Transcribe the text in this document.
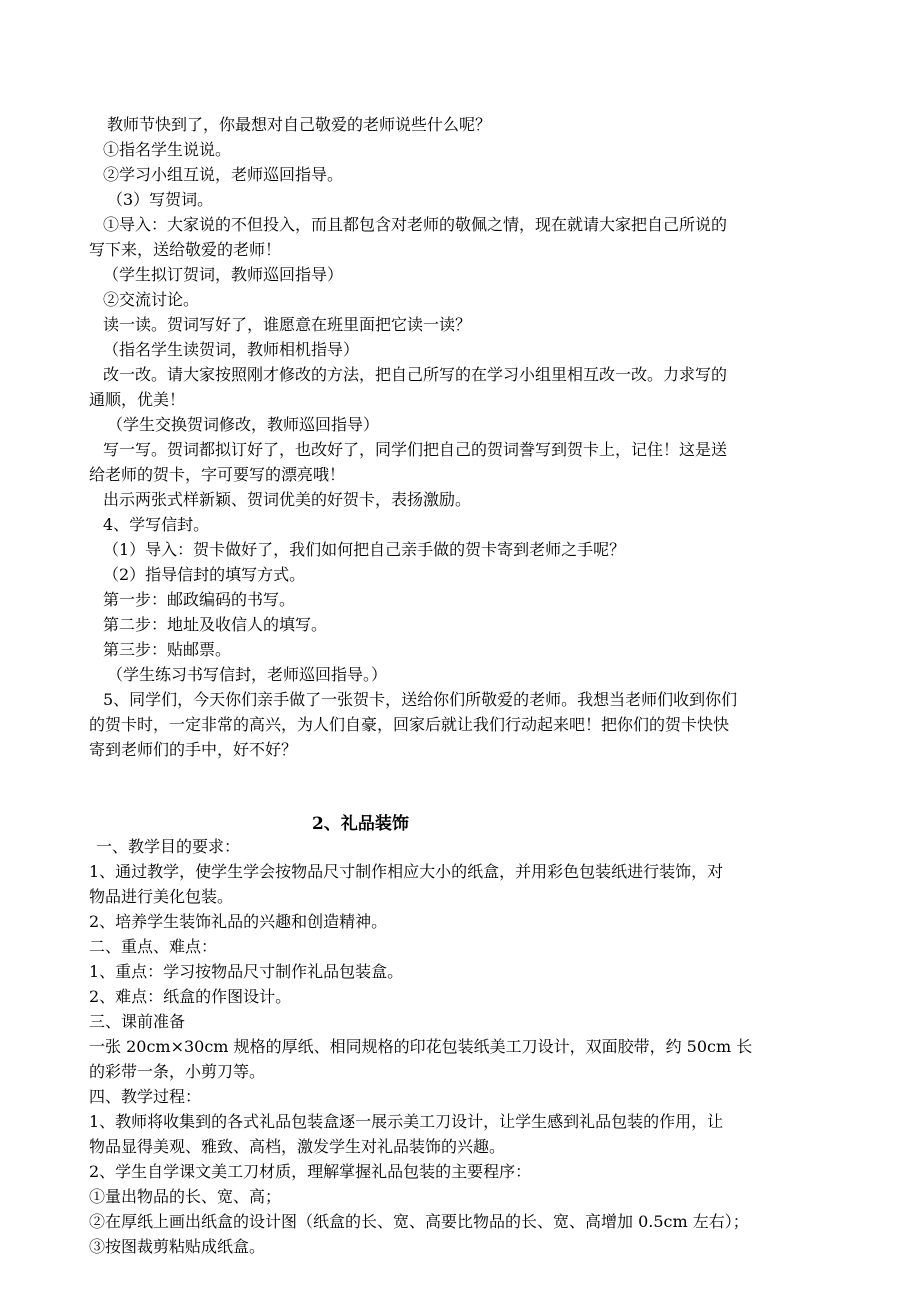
教师节快到了，你最想对自己敬爱的老师说些什么呢？
①指名学生说说。
②学习小组互说，老师巡回指导。
（3）写贺词。
①导入：大家说的不但投入，而且都包含对老师的敬佩之情，现在就请大家把自己所说的
写下来，送给敬爱的老师！
（学生拟订贺词，教师巡回指导）
②交流讨论。
读一读。贺词写好了，谁愿意在班里面把它读一读？
（指名学生读贺词，教师相机指导）
改一改。请大家按照刚才修改的方法，把自己所写的在学习小组里相互改一改。力求写的
通顺，优美！
（学生交换贺词修改，教师巡回指导）
写一写。贺词都拟订好了，也改好了，同学们把自己的贺词誊写到贺卡上，记住！这是送
给老师的贺卡，字可要写的漂亮哦！
出示两张式样新颖、贺词优美的好贺卡，表扬激励。
4、学写信封。
（1）导入：贺卡做好了，我们如何把自己亲手做的贺卡寄到老师之手呢？
（2）指导信封的填写方式。
第一步：邮政编码的书写。
第二步：地址及收信人的填写。
第三步：贴邮票。
（学生练习书写信封，老师巡回指导。）
5、同学们，今天你们亲手做了一张贺卡，送给你们所敬爱的老师。我想当老师们收到你们
的贺卡时，一定非常的高兴，为人们自豪，回家后就让我们行动起来吧！把你们的贺卡快快
寄到老师们的手中，好不好？
2、礼品装饰
一、教学目的要求：
1、通过教学，使学生学会按物品尺寸制作相应大小的纸盒，并用彩色包装纸进行装饰，对
物品进行美化包装。
2、培养学生装饰礼品的兴趣和创造精神。
二、重点、难点：
1、重点：学习按物品尺寸制作礼品包装盒。
2、难点：纸盒的作图设计。
三、课前准备
一张 20cm×30cm 规格的厚纸、相同规格的印花包装纸美工刀设计，双面胶带，约 50cm 长
的彩带一条，小剪刀等。
四、教学过程：
1、教师将收集到的各式礼品包装盒逐一展示美工刀设计，让学生感到礼品包装的作用，让
物品显得美观、雅致、高档，激发学生对礼品装饰的兴趣。
2、学生自学课文美工刀材质，理解掌握礼品包装的主要程序：
①量出物品的长、宽、高；
②在厚纸上画出纸盒的设计图（纸盒的长、宽、高要比物品的长、宽、高增加 0.5cm 左右）；
③按图裁剪粘贴成纸盒。
